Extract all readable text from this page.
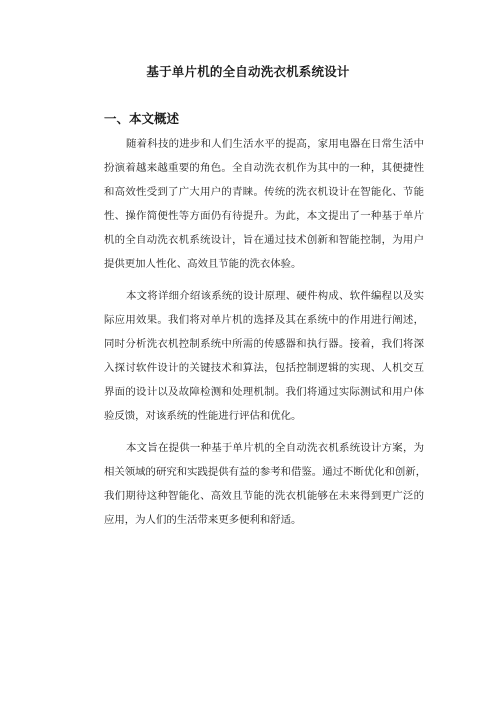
基于单片机的全自动洗衣机系统设计
一、本文概述
随着科技的进步和人们生活水平的提高，家用电器在日常生活中
扮演着越来越重要的角色。全自动洗衣机作为其中的一种，其便捷性
和高效性受到了广大用户的青睐。传统的洗衣机设计在智能化、节能
性、操作简便性等方面仍有待提升。为此，本文提出了一种基于单片
机的全自动洗衣机系统设计，旨在通过技术创新和智能控制，为用户
提供更加人性化、高效且节能的洗衣体验。
本文将详细介绍该系统的设计原理、硬件构成、软件编程以及实
际应用效果。我们将对单片机的选择及其在系统中的作用进行阐述，
同时分析洗衣机控制系统中所需的传感器和执行器。接着，我们将深
入探讨软件设计的关键技术和算法，包括控制逻辑的实现、人机交互
界面的设计以及故障检测和处理机制。我们将通过实际测试和用户体
验反馈，对该系统的性能进行评估和优化。
本文旨在提供一种基于单片机的全自动洗衣机系统设计方案，为
相关领域的研究和实践提供有益的参考和借鉴。通过不断优化和创新，
我们期待这种智能化、高效且节能的洗衣机能够在未来得到更广泛的
应用，为人们的生活带来更多便利和舒适。
